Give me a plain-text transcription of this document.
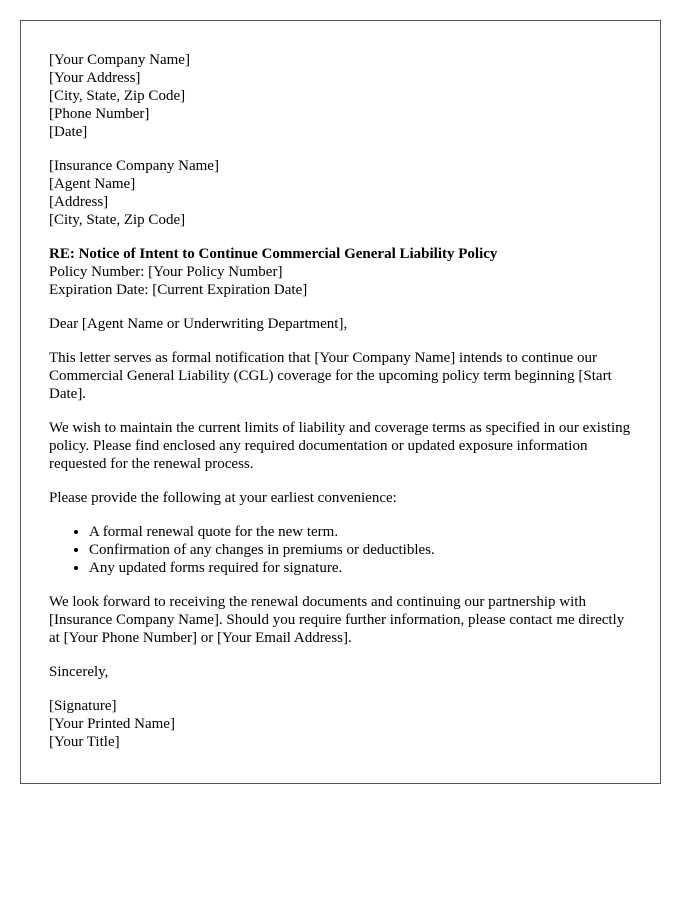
[Your Company Name]
[Your Address]
[City, State, Zip Code]
[Phone Number]
[Date]
[Insurance Company Name]
[Agent Name]
[Address]
[City, State, Zip Code]
RE: Notice of Intent to Continue Commercial General Liability Policy
Policy Number: [Your Policy Number]
Expiration Date: [Current Expiration Date]

Dear [Agent Name or Underwriting Department],

This letter serves as formal notification that [Your Company Name] intends to continue our Commercial General Liability (CGL) coverage for the upcoming policy term beginning [Start Date].

We wish to maintain the current limits of liability and coverage terms as specified in our existing policy. Please find enclosed any required documentation or updated exposure information requested for the renewal process.

Please provide the following at your earliest convenience:

• A formal renewal quote for the new term.
• Confirmation of any changes in premiums or deductibles.
• Any updated forms required for signature.

We look forward to receiving the renewal documents and continuing our partnership with [Insurance Company Name]. Should you require further information, please contact me directly at [Your Phone Number] or [Your Email Address].

Sincerely,

[Signature]
[Your Printed Name]
[Your Title]
